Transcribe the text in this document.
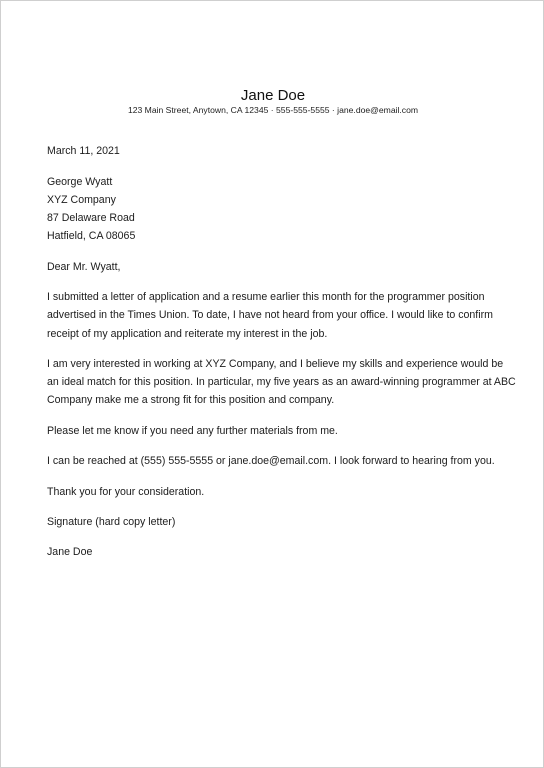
Jane Doe
123 Main Street, Anytown, CA 12345 · 555-555-5555 · jane.doe@email.com

March 11, 2021

George Wyatt
XYZ Company
87 Delaware Road
Hatfield, CA 08065

Dear Mr. Wyatt,

I submitted a letter of application and a resume earlier this month for the programmer position advertised in the Times Union. To date, I have not heard from your office. I would like to confirm receipt of my application and reiterate my interest in the job.

I am very interested in working at XYZ Company, and I believe my skills and experience would be an ideal match for this position. In particular, my five years as an award-winning programmer at ABC Company make me a strong fit for this position and company.

Please let me know if you need any further materials from me.

I can be reached at (555) 555-5555 or jane.doe@email.com. I look forward to hearing from you.

Thank you for your consideration.

Signature (hard copy letter)

Jane Doe
